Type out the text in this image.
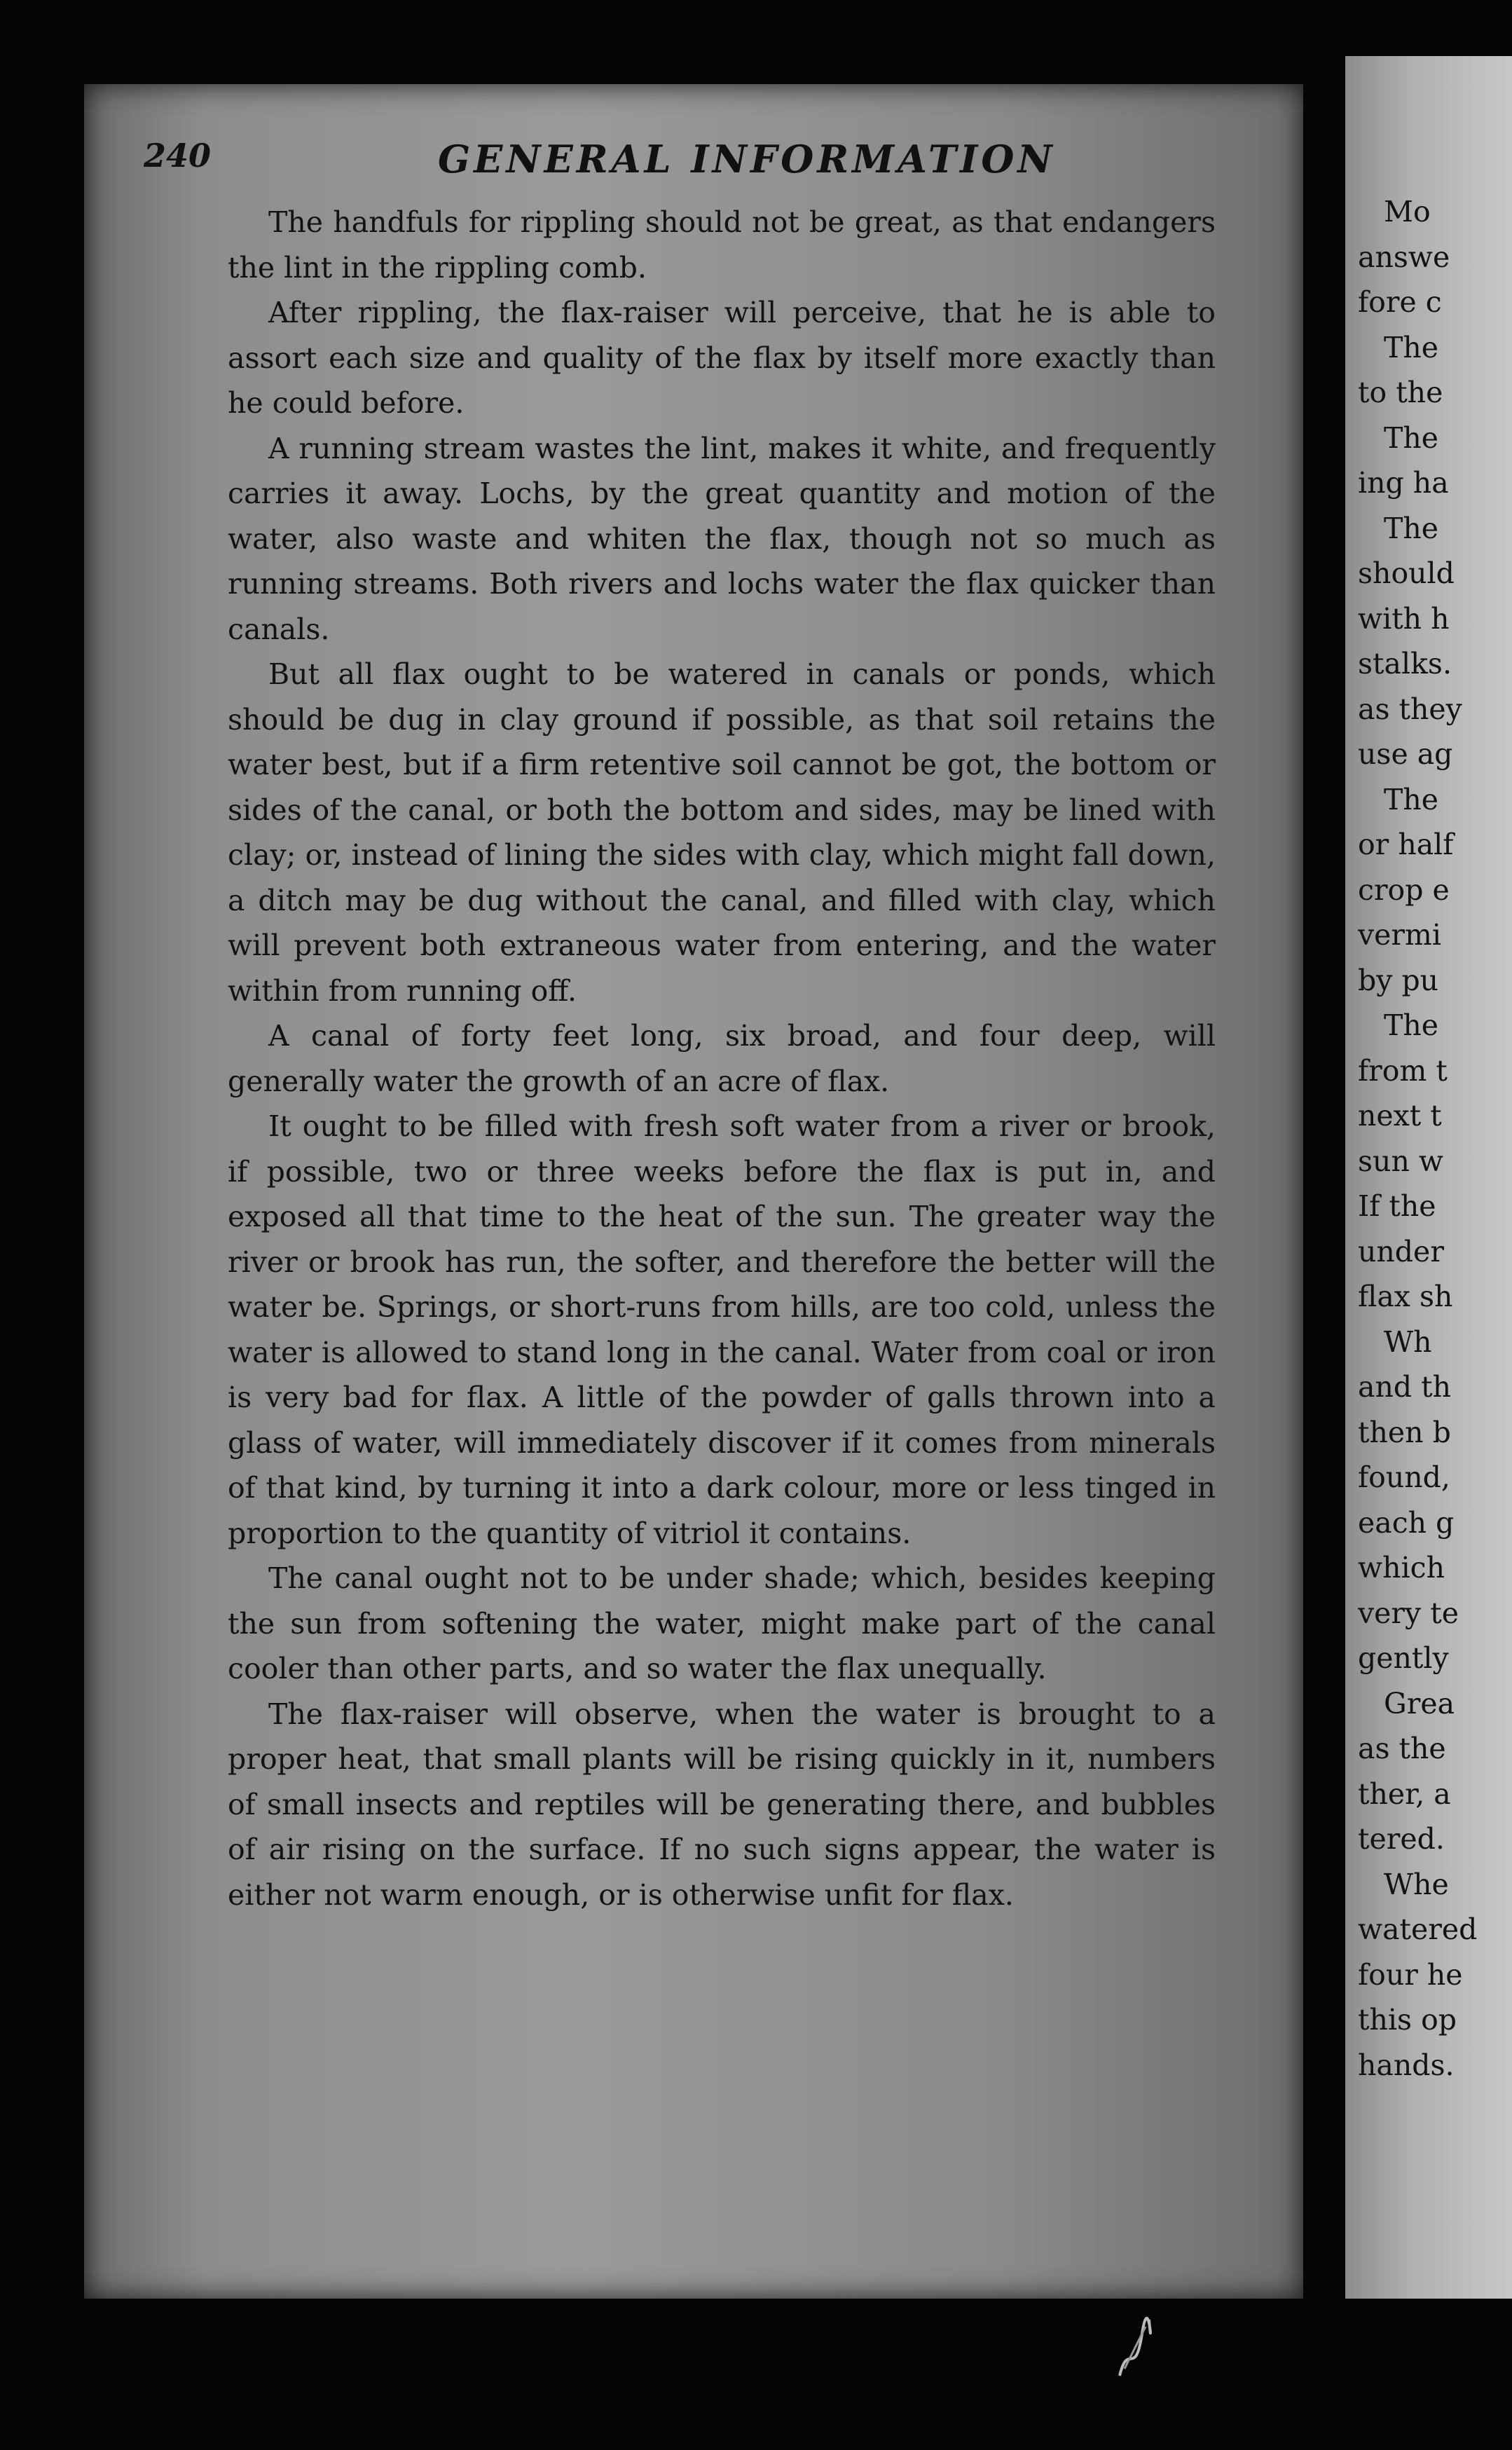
240	GENERAL INFORMATION

The handfuls for rippling should not be great, as that endangers the lint in the rippling comb.

After rippling, the flax-raiser will perceive, that he is able to assort each size and quality of the flax by itself more exactly than he could before.

A running stream wastes the lint, makes it white, and frequently carries it away. Lochs, by the great quantity and motion of the water, also waste and whiten the flax, though not so much as running streams. Both rivers and lochs water the flax quicker than canals.

But all flax ought to be watered in canals or ponds, which should be dug in clay ground if possible, as that soil retains the water best, but if a firm retentive soil cannot be got, the bottom or sides of the canal, or both the bottom and sides, may be lined with clay; or, instead of lining the sides with clay, which might fall down, a ditch may be dug without the canal, and filled with clay, which will prevent both extraneous water from entering, and the water within from running off.

A canal of forty feet long, six broad, and four deep, will generally water the growth of an acre of flax.

It ought to be filled with fresh soft water from a river or brook, if possible, two or three weeks before the flax is put in, and exposed all that time to the heat of the sun. The greater way the river or brook has run, the softer, and therefore the better will the water be. Springs, or short-runs from hills, are too cold, unless the water is allowed to stand long in the canal. Water from coal or iron is very bad for flax. A little of the powder of galls thrown into a glass of water, will immediately discover if it comes from minerals of that kind, by turning it into a dark colour, more or less tinged in proportion to the quantity of vitriol it contains.

The canal ought not to be under shade; which, besides keeping the sun from softening the water, might make part of the canal cooler than other parts, and so water the flax unequally.

The flax-raiser will observe, when the water is brought to a proper heat, that small plants will be rising quickly in it, numbers of small insects and reptiles will be generating there, and bubbles of air rising on the surface. If no such signs appear, the water is either not warm enough, or is otherwise unfit for flax.

Mo
answe
fore c
The
to the
The
ing ha
The
should
with h
stalks.
as they
use ag
The
or half
crop e
vermi
by pu
The
from t
next t
sun w
If the
under
flax sh
Wh
and th
then b
found,
each g
which
very te
gently
Grea
as the
ther, a
tered.
Whe
watered
four he
this op
hands.
